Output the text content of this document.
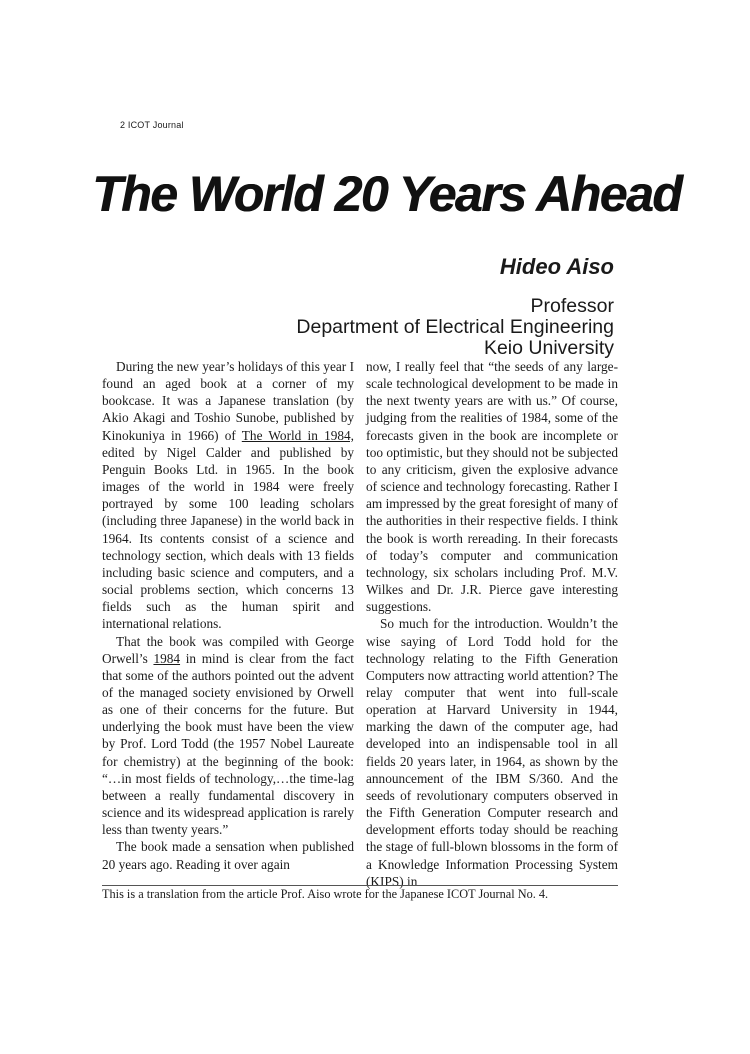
2 ICOT Journal
The World 20 Years Ahead
Hideo Aiso
Professor
Department of Electrical Engineering
Keio University

During the new year’s holidays of this year I found an aged book at a corner of my bookcase. It was a Japanese translation (by Akio Akagi and Toshio Sunobe, published by Kinokuniya in 1966) of The World in 1984, edited by Nigel Calder and published by Penguin Books Ltd. in 1965. In the book images of the world in 1984 were freely portrayed by some 100 leading scholars (including three Japanese) in the world back in 1964. Its contents consist of a science and technology section, which deals with 13 fields including basic science and computers, and a social problems section, which concerns 13 fields such as the human spirit and international relations.

That the book was compiled with George Orwell’s 1984 in mind is clear from the fact that some of the authors pointed out the advent of the managed society envisioned by Orwell as one of their concerns for the future. But underlying the book must have been the view by Prof. Lord Todd (the 1957 Nobel Laureate for chemistry) at the beginning of the book: “…in most fields of technology,…the time-lag between a really fundamental discovery in science and its widespread application is rarely less than twenty years.”

The book made a sensation when published 20 years ago. Reading it over again

now, I really feel that “the seeds of any large-scale technological development to be made in the next twenty years are with us.” Of course, judging from the realities of 1984, some of the forecasts given in the book are incomplete or too optimistic, but they should not be subjected to any criticism, given the explosive advance of science and technology forecasting. Rather I am impressed by the great foresight of many of the authorities in their respective fields. I think the book is worth rereading. In their forecasts of today’s computer and communication technology, six scholars including Prof. M.V. Wilkes and Dr. J.R. Pierce gave interesting suggestions.

So much for the introduction. Wouldn’t the wise saying of Lord Todd hold for the technology relating to the Fifth Generation Computers now attracting world attention? The relay computer that went into full-scale operation at Harvard University in 1944, marking the dawn of the computer age, had developed into an indispensable tool in all fields 20 years later, in 1964, as shown by the announcement of the IBM S/360. And the seeds of revolutionary computers observed in the Fifth Generation Computer research and development efforts today should be reaching the stage of full-blown blossoms in the form of a Knowledge Information Processing System (KIPS) in

This is a translation from the article Prof. Aiso wrote for the Japanese ICOT Journal No. 4.
